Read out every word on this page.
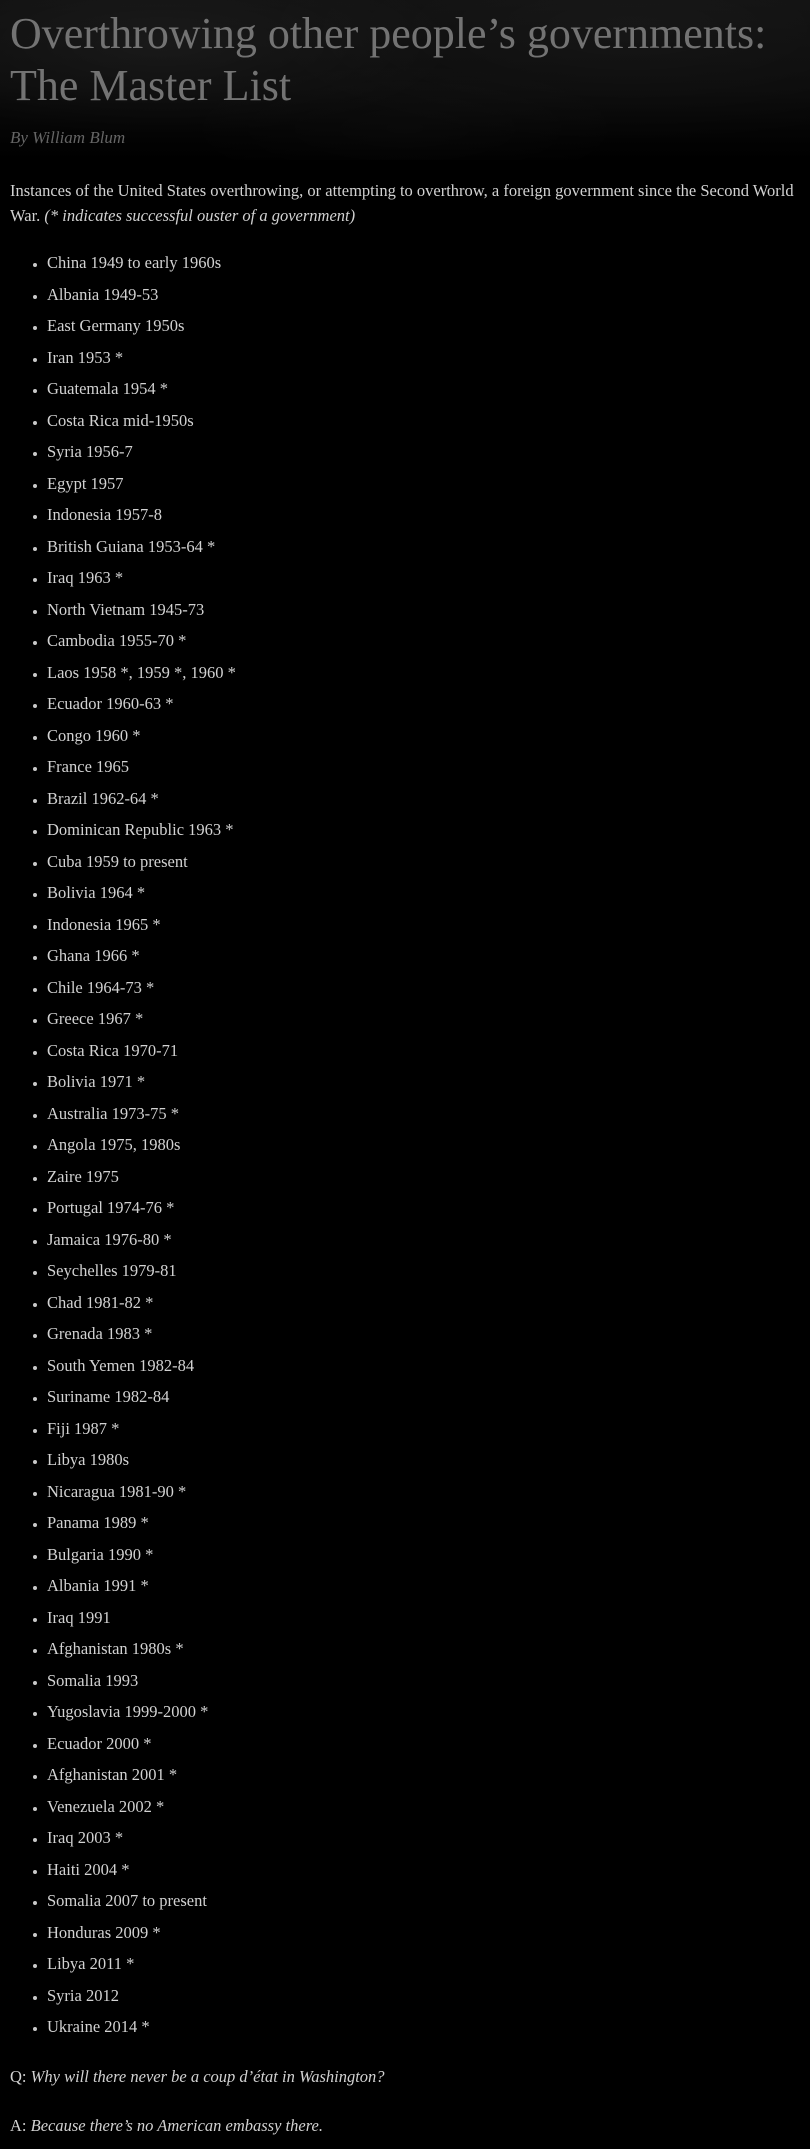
Overthrowing other people’s governments: The Master List

By William Blum

Instances of the United States overthrowing, or attempting to overthrow, a foreign government since the Second World War. (* indicates successful ouster of a government)

• China 1949 to early 1960s
• Albania 1949-53
• East Germany 1950s
• Iran 1953 *
• Guatemala 1954 *
• Costa Rica mid-1950s
• Syria 1956-7
• Egypt 1957
• Indonesia 1957-8
• British Guiana 1953-64 *
• Iraq 1963 *
• North Vietnam 1945-73
• Cambodia 1955-70 *
• Laos 1958 *, 1959 *, 1960 *
• Ecuador 1960-63 *
• Congo 1960 *
• France 1965
• Brazil 1962-64 *
• Dominican Republic 1963 *
• Cuba 1959 to present
• Bolivia 1964 *
• Indonesia 1965 *
• Ghana 1966 *
• Chile 1964-73 *
• Greece 1967 *
• Costa Rica 1970-71
• Bolivia 1971 *
• Australia 1973-75 *
• Angola 1975, 1980s
• Zaire 1975
• Portugal 1974-76 *
• Jamaica 1976-80 *
• Seychelles 1979-81
• Chad 1981-82 *
• Grenada 1983 *
• South Yemen 1982-84
• Suriname 1982-84
• Fiji 1987 *
• Libya 1980s
• Nicaragua 1981-90 *
• Panama 1989 *
• Bulgaria 1990 *
• Albania 1991 *
• Iraq 1991
• Afghanistan 1980s *
• Somalia 1993
• Yugoslavia 1999-2000 *
• Ecuador 2000 *
• Afghanistan 2001 *
• Venezuela 2002 *
• Iraq 2003 *
• Haiti 2004 *
• Somalia 2007 to present
• Honduras 2009 *
• Libya 2011 *
• Syria 2012
• Ukraine 2014 *

Q: Why will there never be a coup d’état in Washington?

A: Because there’s no American embassy there.
